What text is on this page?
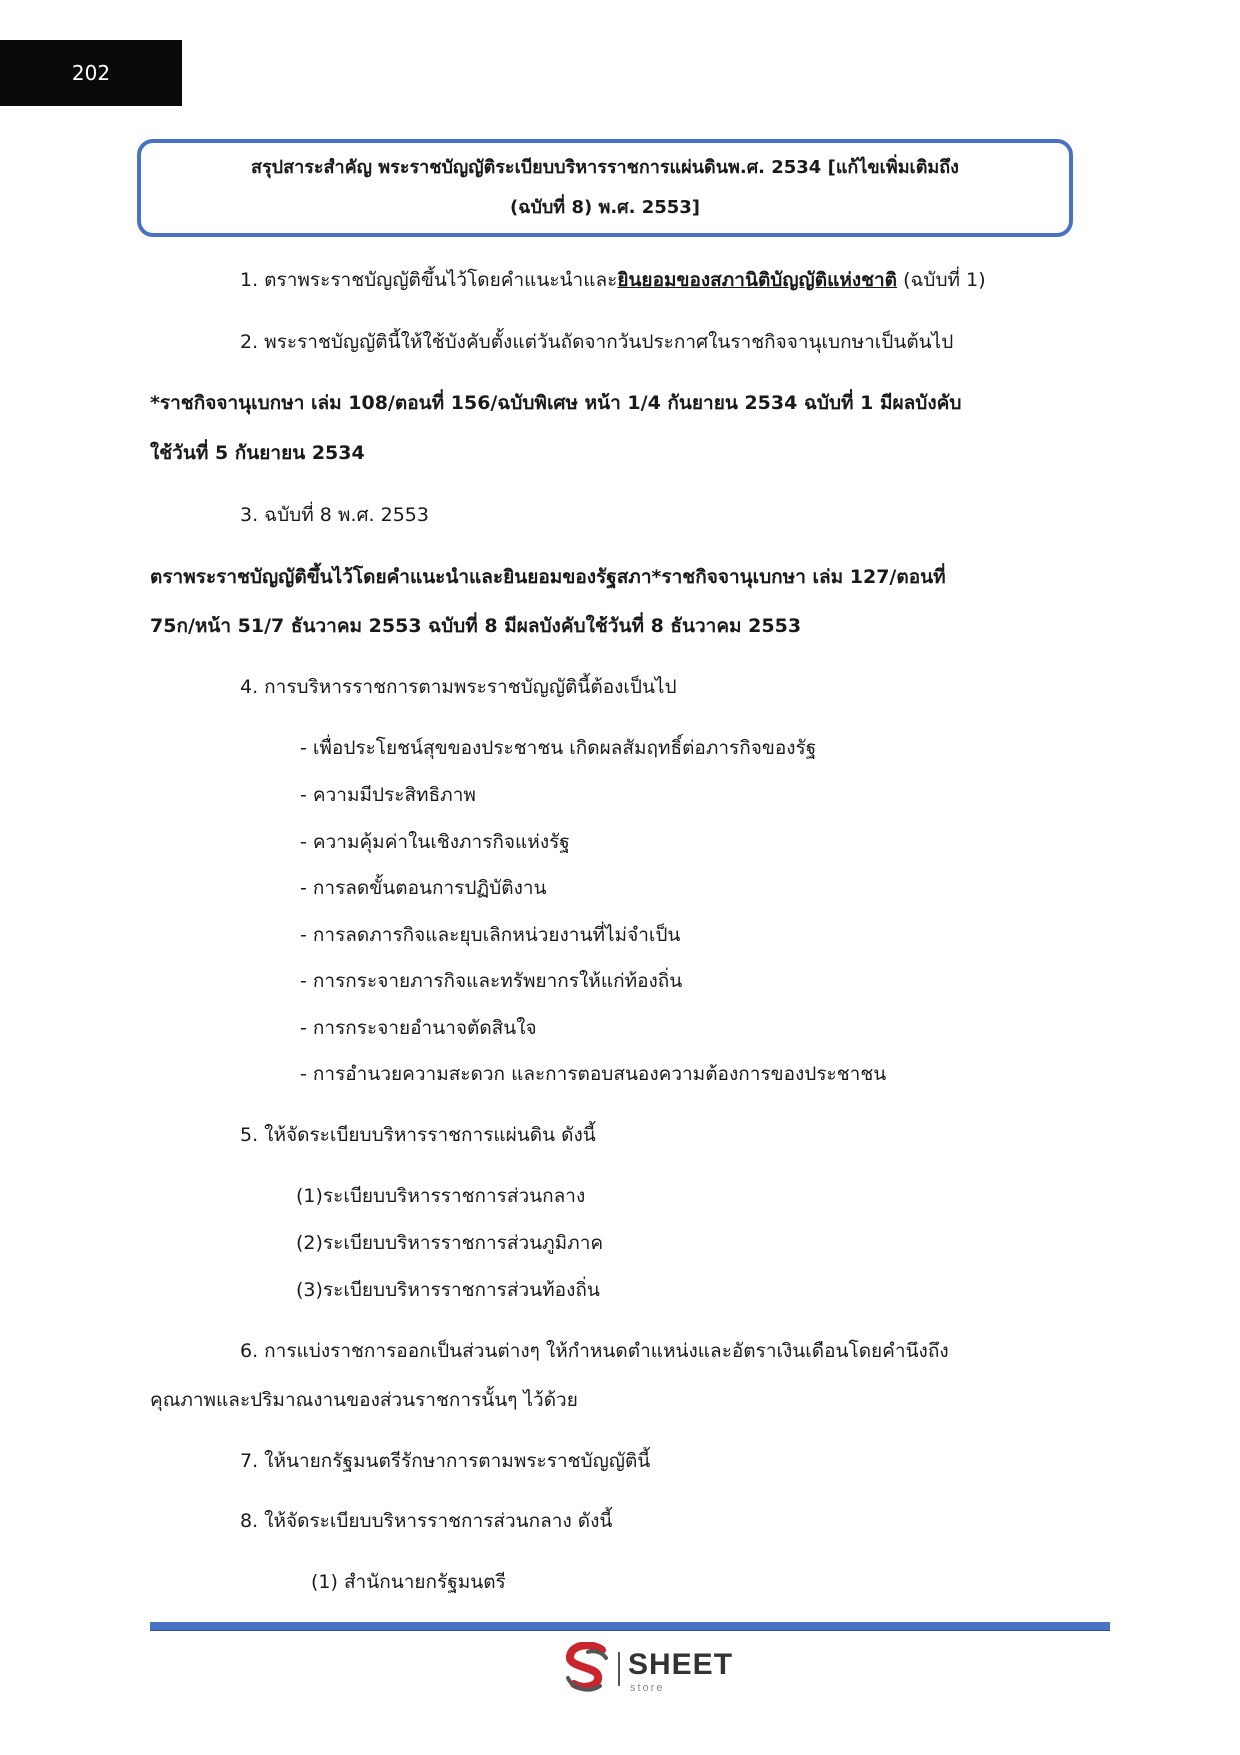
202
สรุปสาระสำคัญ พระราชบัญญัติระเบียบบริหารราชการแผ่นดินพ.ศ. 2534 [แก้ไขเพิ่มเติมถึง
(ฉบับที่ 8) พ.ศ. 2553]
1. ตราพระราชบัญญัติขึ้นไว้โดยคำแนะนำและยินยอมของสภานิติบัญญัติแห่งชาติ (ฉบับที่ 1)
2. พระราชบัญญัตินี้ให้ใช้บังคับตั้งแต่วันถัดจากวันประกาศในราชกิจจานุเบกษาเป็นต้นไป
*ราชกิจจานุเบกษา เล่ม 108/ตอนที่ 156/ฉบับพิเศษ หน้า 1/4 กันยายน 2534 ฉบับที่ 1 มีผลบังคับ
ใช้วันที่ 5 กันยายน 2534
3. ฉบับที่ 8 พ.ศ. 2553
ตราพระราชบัญญัติขึ้นไว้โดยคำแนะนำและยินยอมของรัฐสภา*ราชกิจจานุเบกษา เล่ม 127/ตอนที่
75ก/หน้า 51/7 ธันวาคม 2553 ฉบับที่ 8 มีผลบังคับใช้วันที่ 8 ธันวาคม 2553
4. การบริหารราชการตามพระราชบัญญัตินี้ต้องเป็นไป
- เพื่อประโยชน์สุขของประชาชน เกิดผลสัมฤทธิ์ต่อภารกิจของรัฐ
- ความมีประสิทธิภาพ
- ความคุ้มค่าในเชิงภารกิจแห่งรัฐ
- การลดขั้นตอนการปฏิบัติงาน
- การลดภารกิจและยุบเลิกหน่วยงานที่ไม่จำเป็น
- การกระจายภารกิจและทรัพยากรให้แก่ท้องถิ่น
- การกระจายอำนาจตัดสินใจ
- การอำนวยความสะดวก และการตอบสนองความต้องการของประชาชน
5. ให้จัดระเบียบบริหารราชการแผ่นดิน ดังนี้
(1)ระเบียบบริหารราชการส่วนกลาง
(2)ระเบียบบริหารราชการส่วนภูมิภาค
(3)ระเบียบบริหารราชการส่วนท้องถิ่น
6. การแบ่งราชการออกเป็นส่วนต่างๆ ให้กำหนดตำแหน่งและอัตราเงินเดือนโดยคำนึงถึง
คุณภาพและปริมาณงานของส่วนราชการนั้นๆ ไว้ด้วย
7. ให้นายกรัฐมนตรีรักษาการตามพระราชบัญญัตินี้
8. ให้จัดระเบียบบริหารราชการส่วนกลาง ดังนี้
(1) สำนักนายกรัฐมนตรี
SHEET
store
